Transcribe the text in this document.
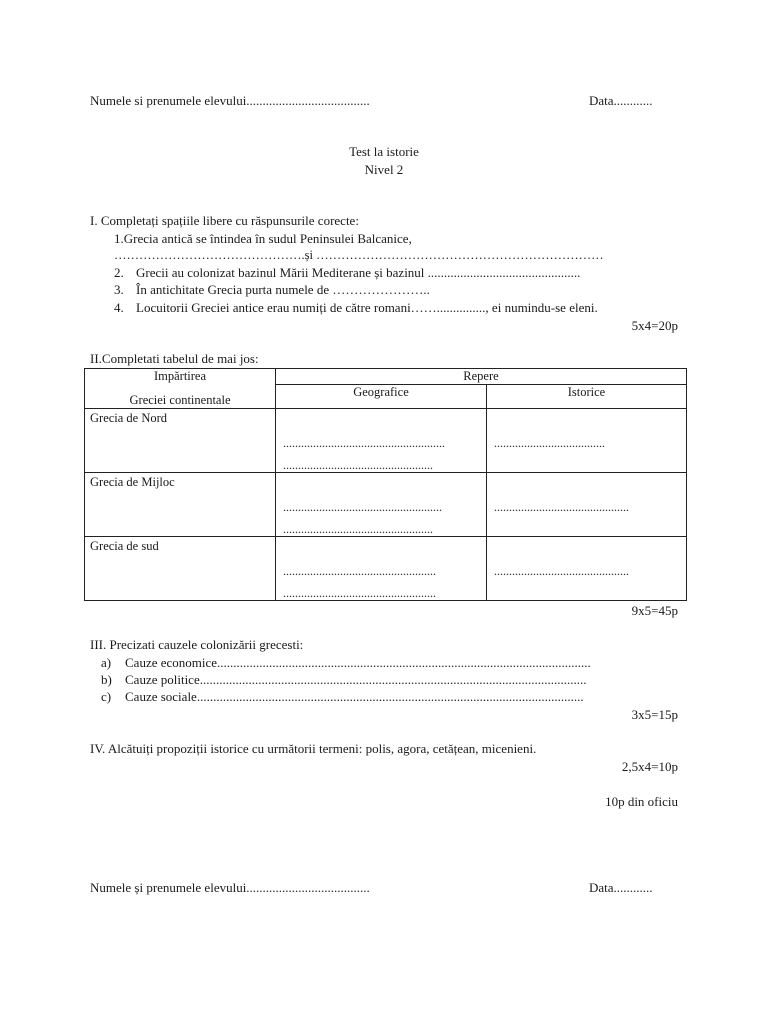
Numele si prenumele elevului......................................	Data............
Test la istorie
Nivel 2
I. Completați spațiile libere cu răspunsurile corecte:
1.Grecia antică se întindea în sudul Peninsulei Balcanice,
……………………………………….și ……………………………………………………………
2. Grecii au colonizat bazinul Mării Mediterane și bazinul ...............................................
3. În antichitate Grecia purta numele de …………………..
4. Locuitorii Greciei antice erau numiți de către romani……..............., ei numindu-se eleni.
5x4=20p
II.Completati tabelul de mai jos:
Impărtirea
Greciei continentale	Repere	
	Geografice	Istorice

Grecia de Nord	......................................................
..................................................	.....................................

Grecia de Mijloc	.....................................................
..................................................	.............................................

Grecia de sud	...................................................
...................................................	.............................................
9x5=45p
III. Precizati cauzele colonizării grecesti:
a) Cauze economice...................................................................................................................
b) Cauze politice.......................................................................................................................
c) Cauze sociale.......................................................................................................................
3x5=15p
IV. Alcătuiți propoziții istorice cu următorii termeni: polis, agora, cetățean, micenieni.
2,5x4=10p
10p din oficiu
Numele și prenumele elevului......................................	Data............
